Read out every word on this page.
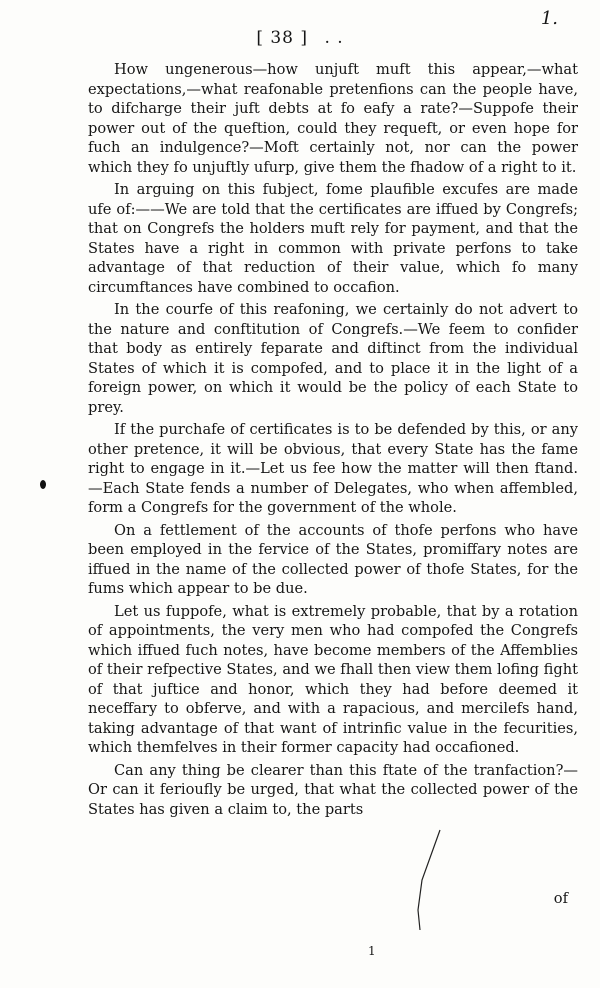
[ 38 ] . .
1.

How ungenerous—how unjuft muft this appear,—what expectations,—what reafonable pretenfions can the people have, to difcharge their juft debts at fo eafy a rate?—Suppofe their power out of the queftion, could they requeft, or even hope for fuch an indulgence?—Moft certainly not, nor can the power which they fo unjuftly ufurp, give them the fhadow of a right to it.

In arguing on this fubject, fome plaufible excufes are made ufe of:——We are told that the certificates are iffued by Congrefs; that on Congrefs the holders muft rely for payment, and that the States have a right in common with private perfons to take advantage of that reduction of their value, which fo many circumftances have combined to occafion.

In the courfe of this reafoning, we certainly do not advert to the nature and conftitution of Congrefs.—We feem to confider that body as entirely feparate and diftinct from the individual States of which it is compofed, and to place it in the light of a foreign power, on which it would be the policy of each State to prey.

If the purchafe of certificates is to be defended by this, or any other pretence, it will be obvious, that every State has the fame right to engage in it.—Let us fee how the matter will then ftand.—Each State fends a number of Delegates, who when affembled, form a Congrefs for the government of the whole.

On a fettlement of the accounts of thofe perfons who have been employed in the fervice of the States, promiffary notes are iffued in the name of the collected power of thofe States, for the fums which appear to be due.

Let us fuppofe, what is extremely probable, that by a rotation of appointments, the very men who had compofed the Congrefs which iffued fuch notes, have become members of the Affemblies of their refpective States, and we fhall then view them lofing fight of that juftice and honor, which they had before deemed it neceffary to obferve, and with a rapacious, and mercilefs hand, taking advantage of that want of intrinfic value in the fecurities, which themfelves in their former capacity had occafioned.

Can any thing be clearer than this ftate of the tranfaction?—Or can it ferioufly be urged, that what the collected power of the States has given a claim to, the parts

of
1
